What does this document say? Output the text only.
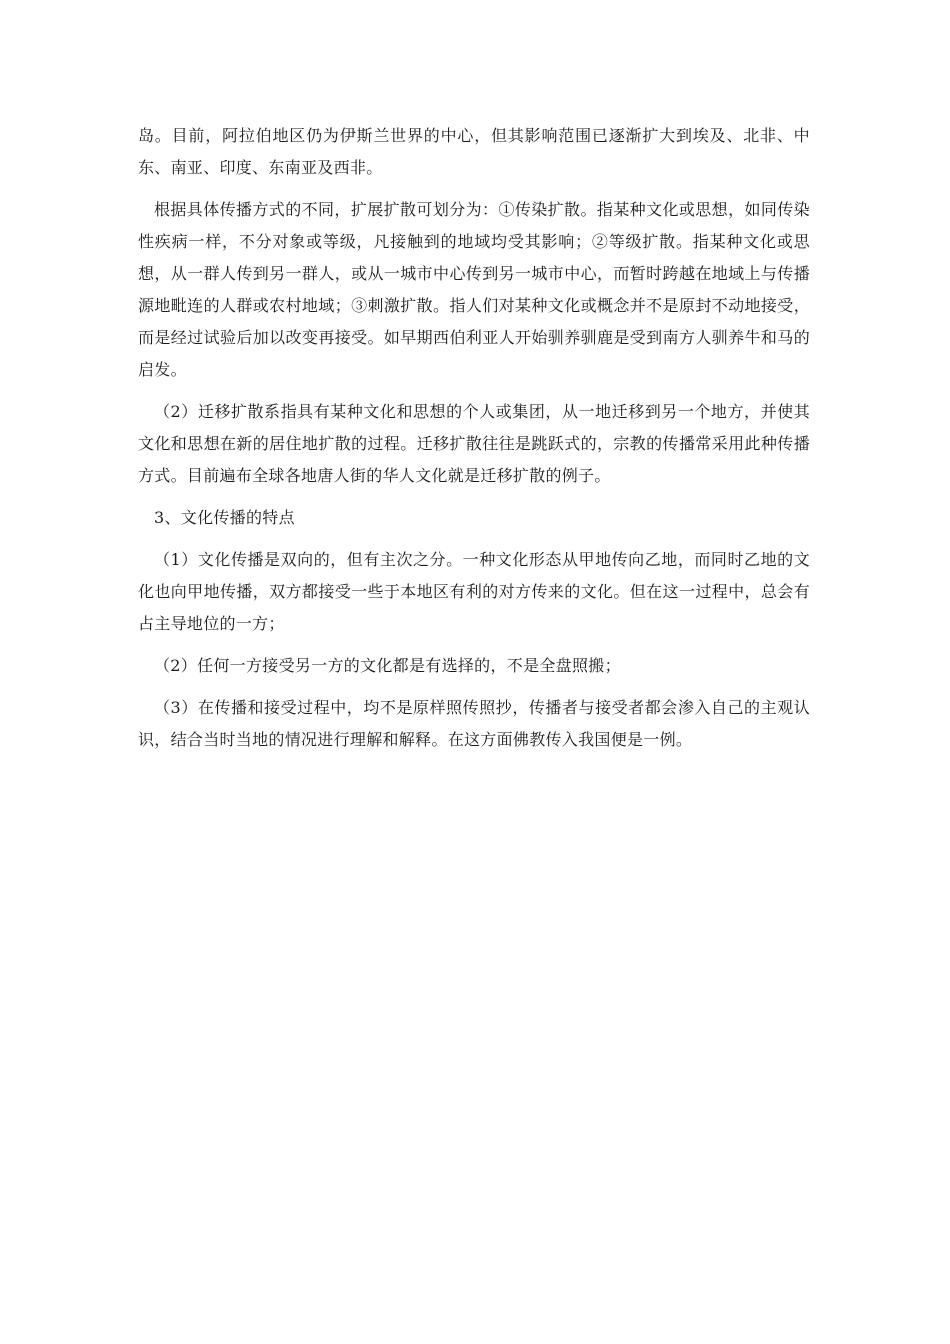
岛。目前，阿拉伯地区仍为伊斯兰世界的中心，但其影响范围已逐渐扩大到埃及、北非、中东、南亚、印度、东南亚及西非。

根据具体传播方式的不同，扩展扩散可划分为：①传染扩散。指某种文化或思想，如同传染性疾病一样，不分对象或等级，凡接触到的地域均受其影响；②等级扩散。指某种文化或思想，从一群人传到另一群人，或从一城市中心传到另一城市中心，而暂时跨越在地域上与传播源地毗连的人群或农村地域；③刺激扩散。指人们对某种文化或概念并不是原封不动地接受，而是经过试验后加以改变再接受。如早期西伯利亚人开始驯养驯鹿是受到南方人驯养牛和马的启发。

（2）迁移扩散系指具有某种文化和思想的个人或集团，从一地迁移到另一个地方，并使其文化和思想在新的居住地扩散的过程。迁移扩散往往是跳跃式的，宗教的传播常采用此种传播方式。目前遍布全球各地唐人街的华人文化就是迁移扩散的例子。

3、文化传播的特点

（1）文化传播是双向的，但有主次之分。一种文化形态从甲地传向乙地，而同时乙地的文化也向甲地传播，双方都接受一些于本地区有利的对方传来的文化。但在这一过程中，总会有占主导地位的一方；

（2）任何一方接受另一方的文化都是有选择的，不是全盘照搬；

（3）在传播和接受过程中，均不是原样照传照抄，传播者与接受者都会渗入自己的主观认识，结合当时当地的情况进行理解和解释。在这方面佛教传入我国便是一例。
